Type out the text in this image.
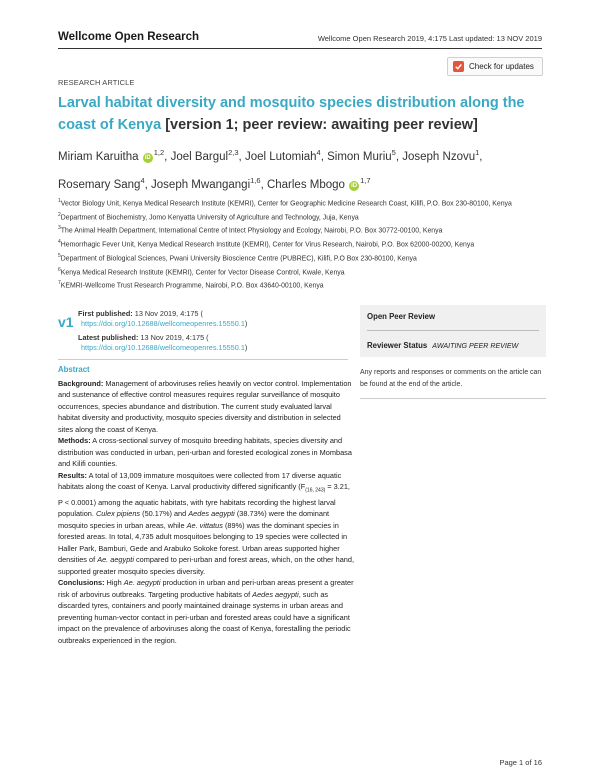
Wellcome Open Research	Wellcome Open Research 2019, 4:175 Last updated: 13 NOV 2019
Check for updates
RESEARCH ARTICLE
Larval habitat diversity and mosquito species distribution along the coast of Kenya [version 1; peer review: awaiting peer review]
Miriam Karuitha iD$^{1,2}$, Joel Bargul$^{2,3}$, Joel Lutomiah$^4$, Simon Muriu$^5$, Joseph Nzovu$^1$,
Rosemary Sang$^4$, Joseph Mwangangi$^{1,6}$, Charles Mbogo iD$^{1,7}$
$^1$Vector Biology Unit, Kenya Medical Research Institute (KEMRI), Center for Geographic Medicine Research Coast, Kilifi, P.O. Box 230-80100, Kenya
$^2$Department of Biochemistry, Jomo Kenyatta University of Agriculture and Technology, Juja, Kenya
$^3$The Animal Health Department, International Centre of Intect Physiology and Ecology, Nairobi, P.O. Box 30772-00100, Kenya
$^4$Hemorrhagic Fever Unit, Kenya Medical Research Institute (KEMRI), Center for Virus Research, Nairobi, P.O. Box 62000-00200, Kenya
$^5$Department of Biological Sciences, Pwani University Bioscience Centre (PUBREC), Kilifi, P.O Box 230-80100, Kenya
$^6$Kenya Medical Research Institute (KEMRI), Center for Vector Disease Control, Kwale, Kenya
$^7$KEMRI-Wellcome Trust Research Programme, Nairobi, P.O. Box 43640-00100, Kenya
v1
First published: 13 Nov 2019, 4:175 (
https://doi.org/10.12688/wellcomeopenres.15550.1)
Latest published: 13 Nov 2019, 4:175 (
https://doi.org/10.12688/wellcomeopenres.15550.1)
Open Peer Review
Reviewer Status AWAITING PEER REVIEW
Any reports and responses or comments on the article can be found at the end of the article.
Abstract
Background: Management of arboviruses relies heavily on vector control. Implementation and sustenance of effective control measures requires regular surveillance of mosquito occurrences, species abundance and distribution. The current study evaluated larval habitat diversity and productivity, mosquito species diversity and distribution in selected sites along the coast of Kenya.
Methods: A cross-sectional survey of mosquito breeding habitats, species diversity and distribution was conducted in urban, peri-urban and forested ecological zones in Mombasa and Kilifi counties.
Results: A total of 13,009 immature mosquitoes were collected from 17 diverse aquatic habitats along the coast of Kenya. Larval productivity differed significantly ($F_{(16, 243)} = 3.21$, P < 0.0001) among the aquatic habitats, with tyre habitats recording the highest larval population. Culex pipiens (50.17%) and Aedes aegypti (38.73%) were the dominant mosquito species in urban areas, while Ae. vittatus (89%) was the dominant species in forested areas. In total, 4,735 adult mosquitoes belonging to 19 species were collected in Haller Park, Bamburi, Gede and Arabuko Sokoke forest. Urban areas supported higher densities of Ae. aegypti compared to peri-urban and forest areas, which, on the other hand, supported greater mosquito species diversity.
Conclusions: High Ae. aegypti production in urban and peri-urban areas present a greater risk of arbovirus outbreaks. Targeting productive habitats of Aedes aegypti, such as discarded tyres, containers and poorly maintained drainage systems in urban areas and preventing human-vector contact in peri-urban and forested areas could have a significant impact on the prevalence of arboviruses along the coast of Kenya, forestalling the periodic outbreaks experienced in the region.
Page 1 of 16
